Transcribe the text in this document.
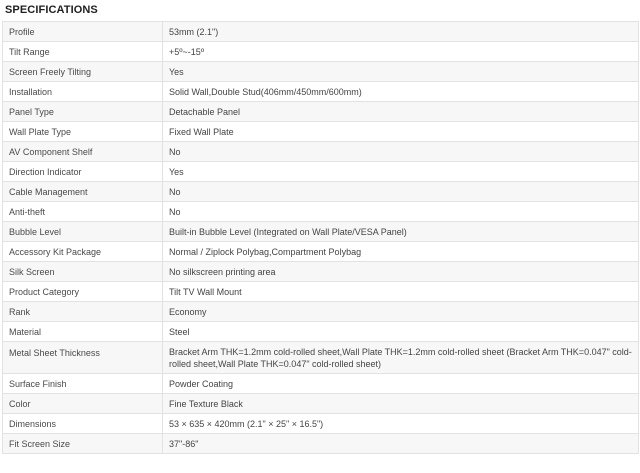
SPECIFICATIONS
Profile	53mm (2.1")
Tilt Range	+5º~-15º
Screen Freely Tilting	Yes
Installation	Solid Wall,Double Stud(406mm/450mm/600mm)
Panel Type	Detachable Panel
Wall Plate Type	Fixed Wall Plate
AV Component Shelf	No
Direction Indicator	Yes
Cable Management	No
Anti-theft	No
Bubble Level	Built-in Bubble Level (Integrated on Wall Plate/VESA Panel)
Accessory Kit Package	Normal / Ziplock Polybag,Compartment Polybag
Silk Screen	No silkscreen printing area
Product Category	Tilt TV Wall Mount
Rank	Economy
Material	Steel
Metal Sheet Thickness	Bracket Arm THK=1.2mm cold-rolled sheet,Wall Plate THK=1.2mm cold-rolled sheet (Bracket Arm THK=0.047" cold-rolled sheet,Wall Plate THK=0.047" cold-rolled sheet)
Surface Finish	Powder Coating
Color	Fine Texture Black
Dimensions	53 × 635 × 420mm (2.1" × 25" × 16.5")
Fit Screen Size	37"-86"
